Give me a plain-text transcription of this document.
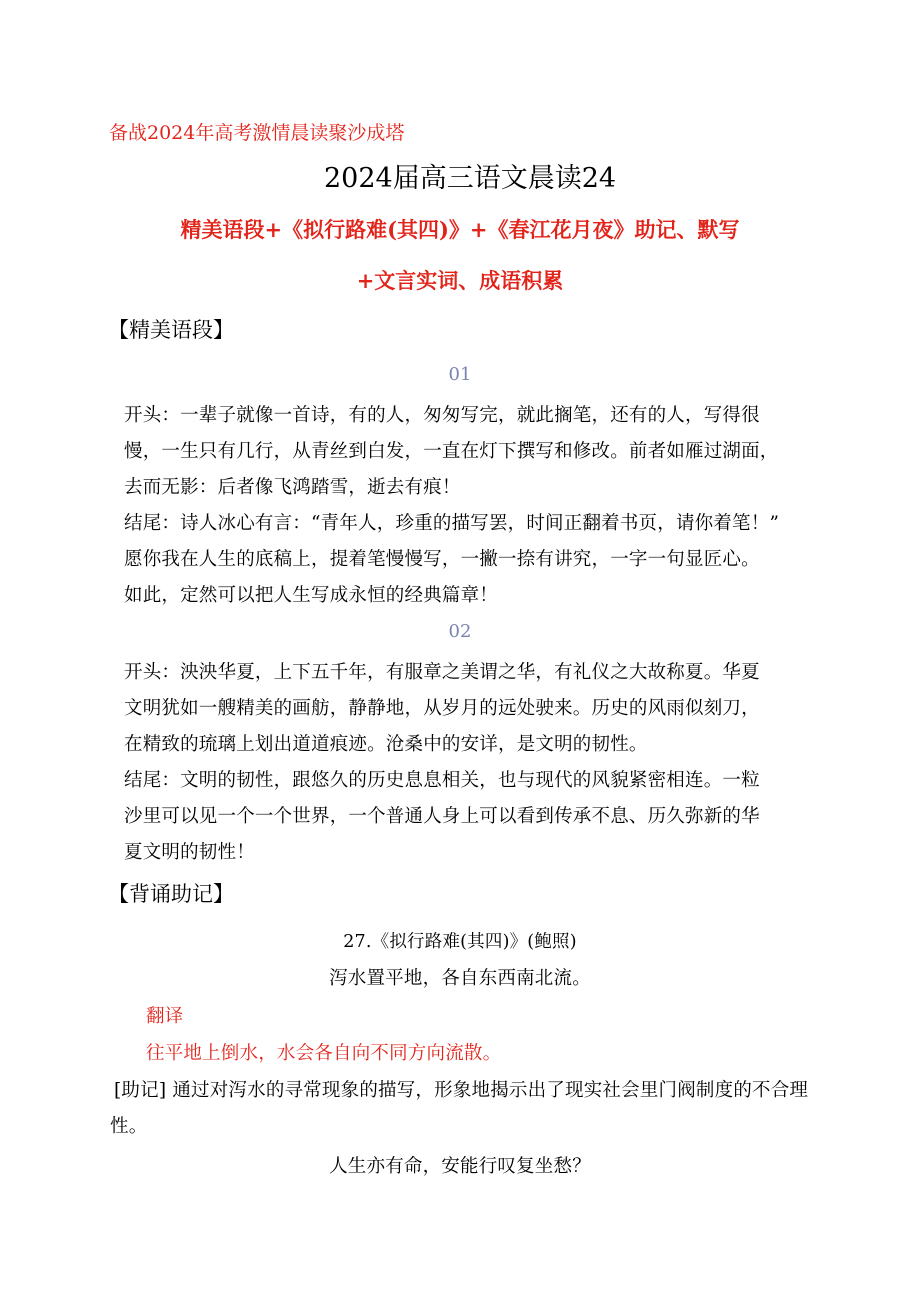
备战2024年高考激情晨读聚沙成塔
2024届高三语文晨读24
精美语段+《拟行路难(其四)》+《春江花月夜》助记、默写
+文言实词、成语积累
【精美语段】
01
开头：一辈子就像一首诗，有的人，匆匆写完，就此搁笔，还有的人，写得很
慢，一生只有几行，从青丝到白发，一直在灯下撰写和修改。前者如雁过湖面，
去而无影：后者像飞鸿踏雪，逝去有痕！
结尾：诗人冰心有言：“青年人，珍重的描写罢，时间正翻着书页，请你着笔！”
愿你我在人生的底稿上，提着笔慢慢写，一撇一捺有讲究，一字一句显匠心。
如此，定然可以把人生写成永恒的经典篇章！
02
开头：泱泱华夏，上下五千年，有服章之美谓之华，有礼仪之大故称夏。华夏
文明犹如一艘精美的画舫，静静地，从岁月的远处驶来。历史的风雨似刻刀，
在精致的琉璃上划出道道痕迹。沧桑中的安详，是文明的韧性。
结尾：文明的韧性，跟悠久的历史息息相关，也与现代的风貌紧密相连。一粒
沙里可以见一个一个世界，一个普通人身上可以看到传承不息、历久弥新的华
夏文明的韧性！
【背诵助记】
27.《拟行路难(其四)》(鲍照)
泻水置平地，各自东西南北流。
翻译
往平地上倒水，水会各自向不同方向流散。
[助记] 通过对泻水的寻常现象的描写，形象地揭示出了现实社会里门阀制度的不合理
性。
人生亦有命，安能行叹复坐愁？
